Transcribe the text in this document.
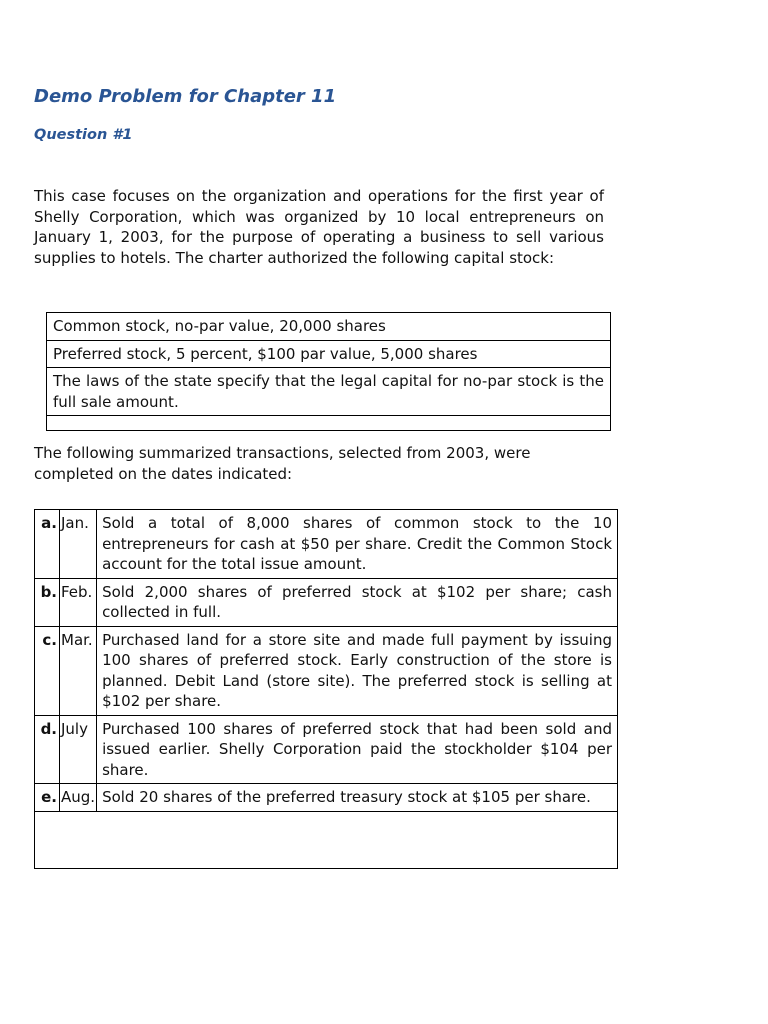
Demo Problem for Chapter 11
Question #1
This case focuses on the organization and operations for the first year of Shelly Corporation, which was organized by 10 local entrepreneurs on January 1, 2003, for the purpose of operating a business to sell various supplies to hotels. The charter authorized the following capital stock:
Common stock, no-par value, 20,000 shares
Preferred stock, 5 percent, $100 par value, 5,000 shares
The laws of the state specify that the legal capital for no-par stock is the full sale amount.

The following summarized transactions, selected from 2003, were completed on the dates indicated:
a.	Jan.	Sold a total of 8,000 shares of common stock to the 10 entrepreneurs for cash at $50 per share. Credit the Common Stock account for the total issue amount.
b.	Feb.	Sold 2,000 shares of preferred stock at $102 per share; cash collected in full.
c.	Mar.	Purchased land for a store site and made full payment by issuing 100 shares of preferred stock. Early construction of the store is planned. Debit Land (store site). The preferred stock is selling at $102 per share.
d.	July	Purchased 100 shares of preferred stock that had been sold and issued earlier. Shelly Corporation paid the stockholder $104 per share.
e.	Aug.	Sold 20 shares of the preferred treasury stock at $105 per share.
